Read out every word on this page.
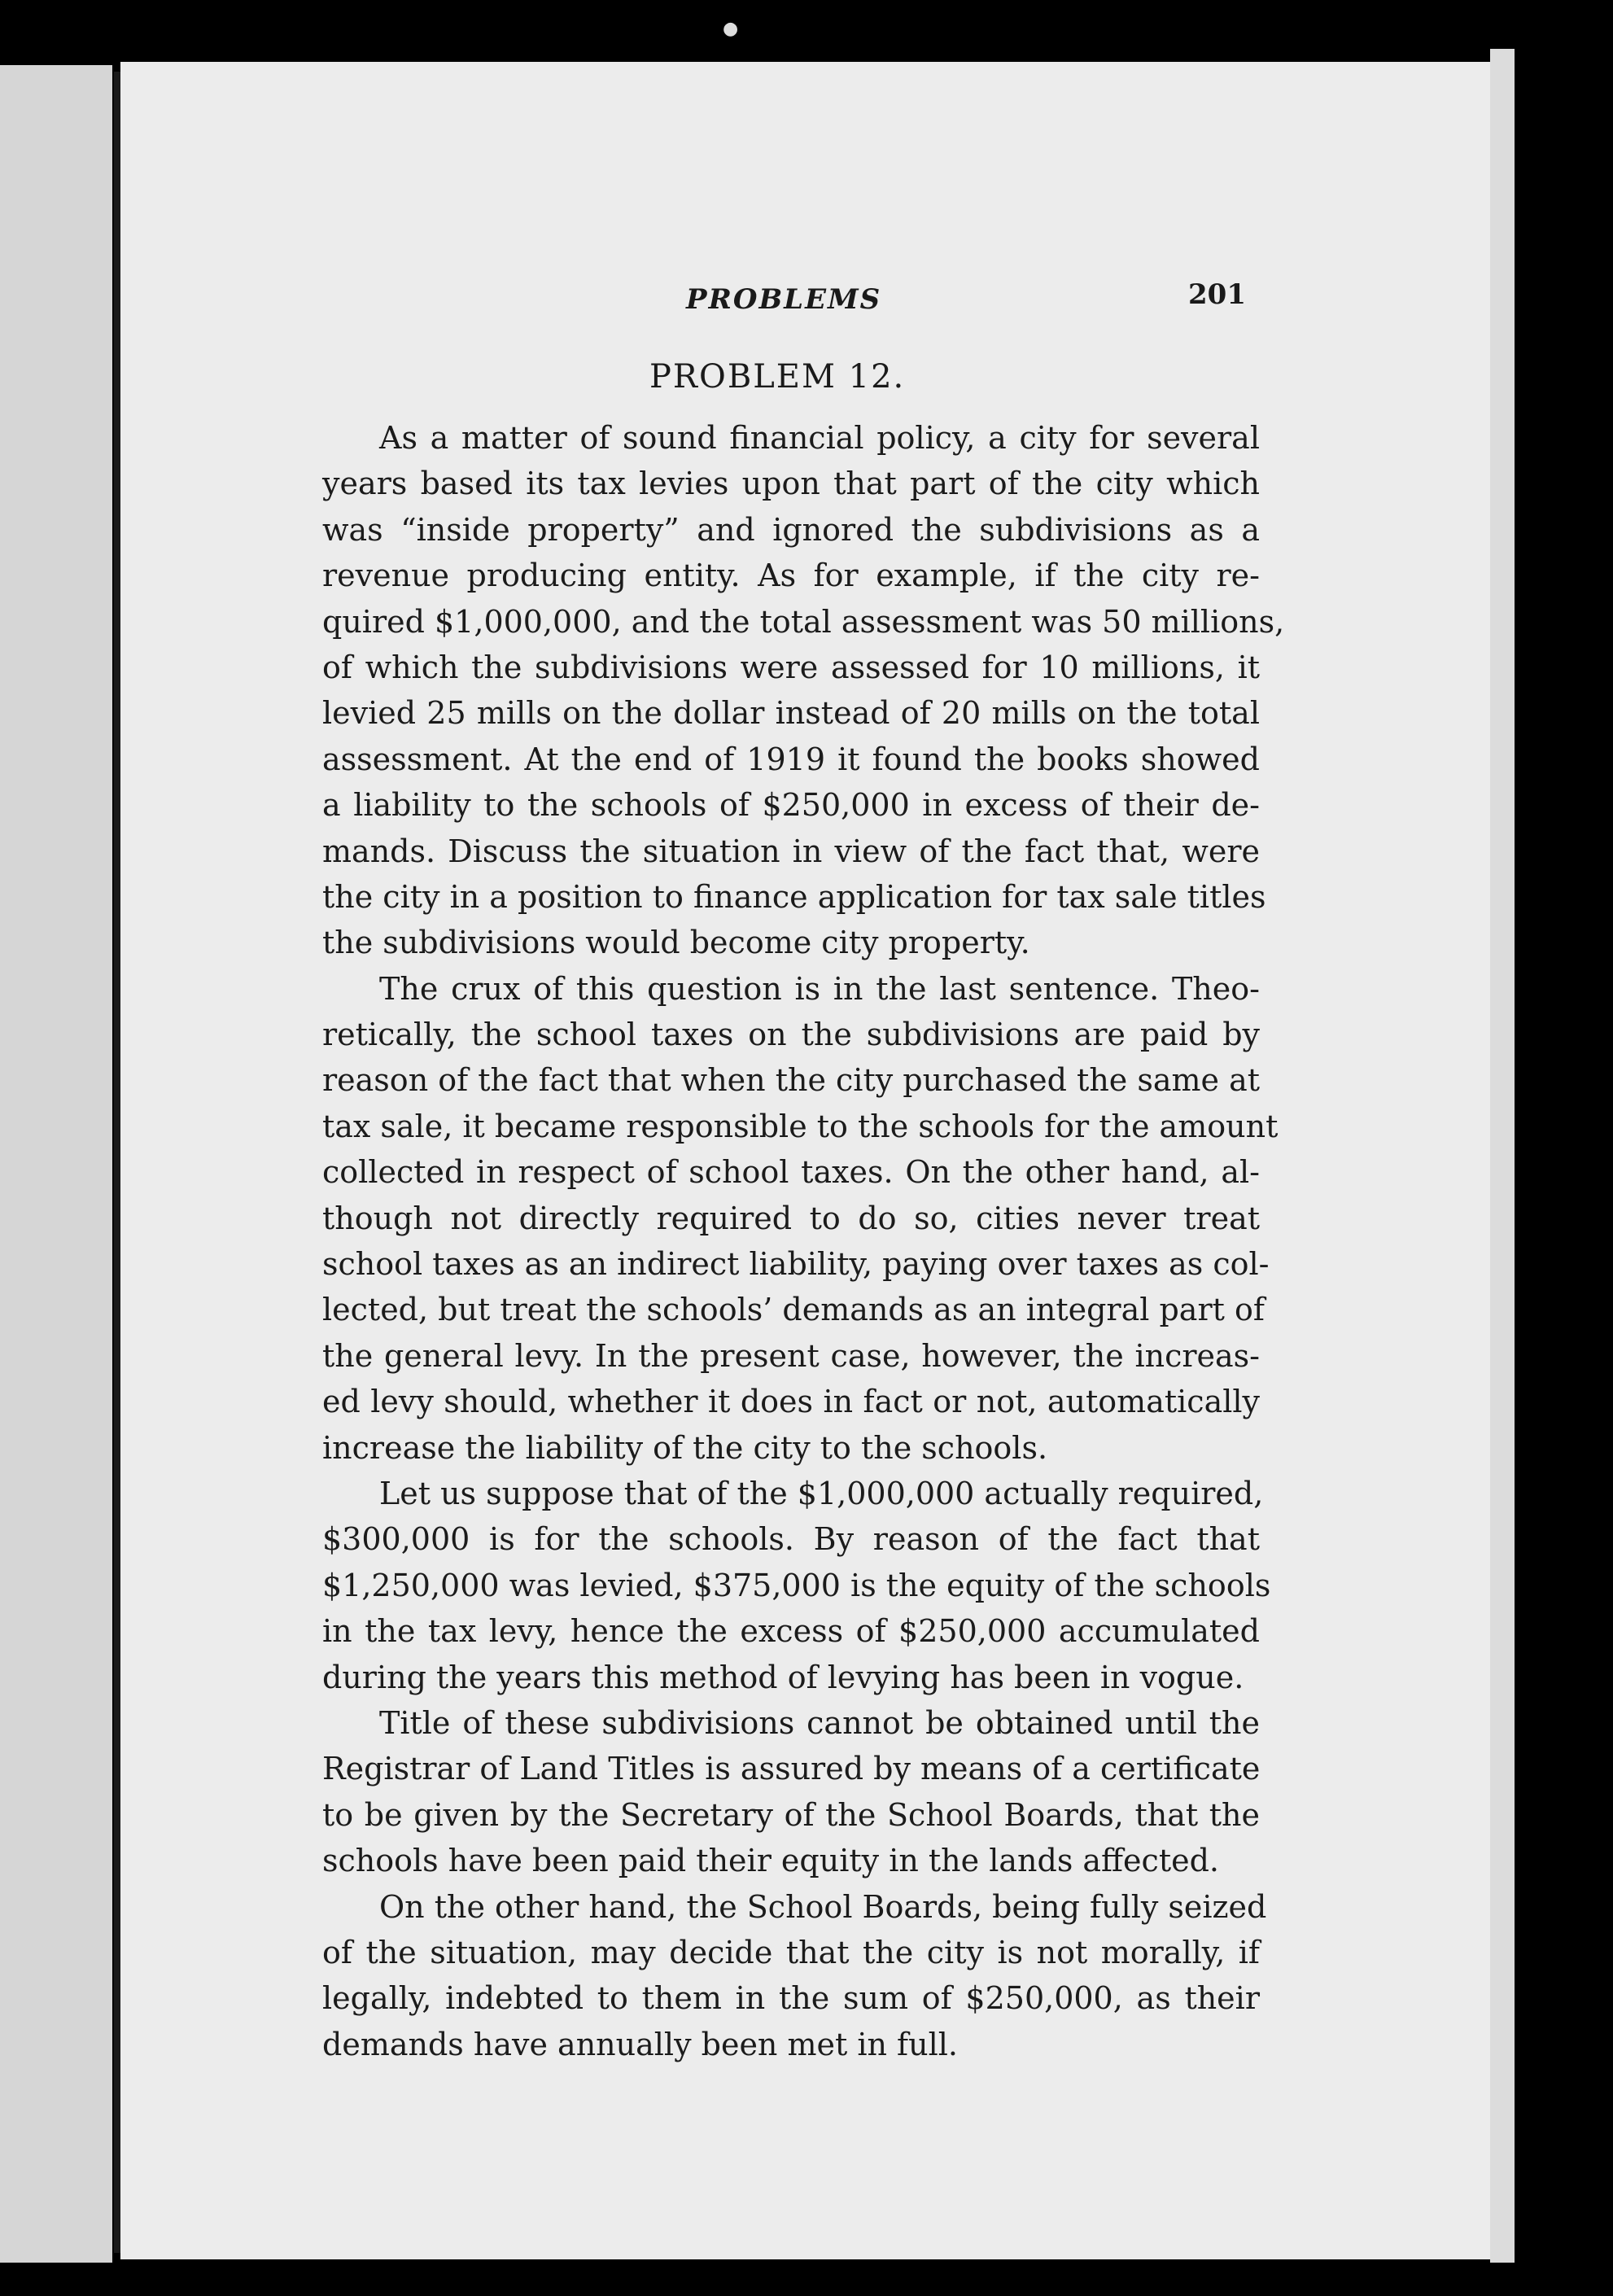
●
PROBLEMS	201
PROBLEM 12.
As a matter of sound financial policy, a city for several
years based its tax levies upon that part of the city which
was “inside property” and ignored the subdivisions as a
revenue producing entity. As for example, if the city re-
quired $1,000,000, and the total assessment was 50 millions,
of which the subdivisions were assessed for 10 millions, it
levied 25 mills on the dollar instead of 20 mills on the total
assessment. At the end of 1919 it found the books showed
a liability to the schools of $250,000 in excess of their de-
mands. Discuss the situation in view of the fact that, were
the city in a position to finance application for tax sale titles
the subdivisions would become city property.
The crux of this question is in the last sentence. Theo-
retically, the school taxes on the subdivisions are paid by
reason of the fact that when the city purchased the same at
tax sale, it became responsible to the schools for the amount
collected in respect of school taxes. On the other hand, al-
though not directly required to do so, cities never treat
school taxes as an indirect liability, paying over taxes as col-
lected, but treat the schools’ demands as an integral part of
the general levy. In the present case, however, the increas-
ed levy should, whether it does in fact or not, automatically
increase the liability of the city to the schools.
Let us suppose that of the $1,000,000 actually required,
$300,000 is for the schools. By reason of the fact that
$1,250,000 was levied, $375,000 is the equity of the schools
in the tax levy, hence the excess of $250,000 accumulated
during the years this method of levying has been in vogue.
Title of these subdivisions cannot be obtained until the
Registrar of Land Titles is assured by means of a certificate
to be given by the Secretary of the School Boards, that the
schools have been paid their equity in the lands affected.
On the other hand, the School Boards, being fully seized
of the situation, may decide that the city is not morally, if
legally, indebted to them in the sum of $250,000, as their
demands have annually been met in full.
